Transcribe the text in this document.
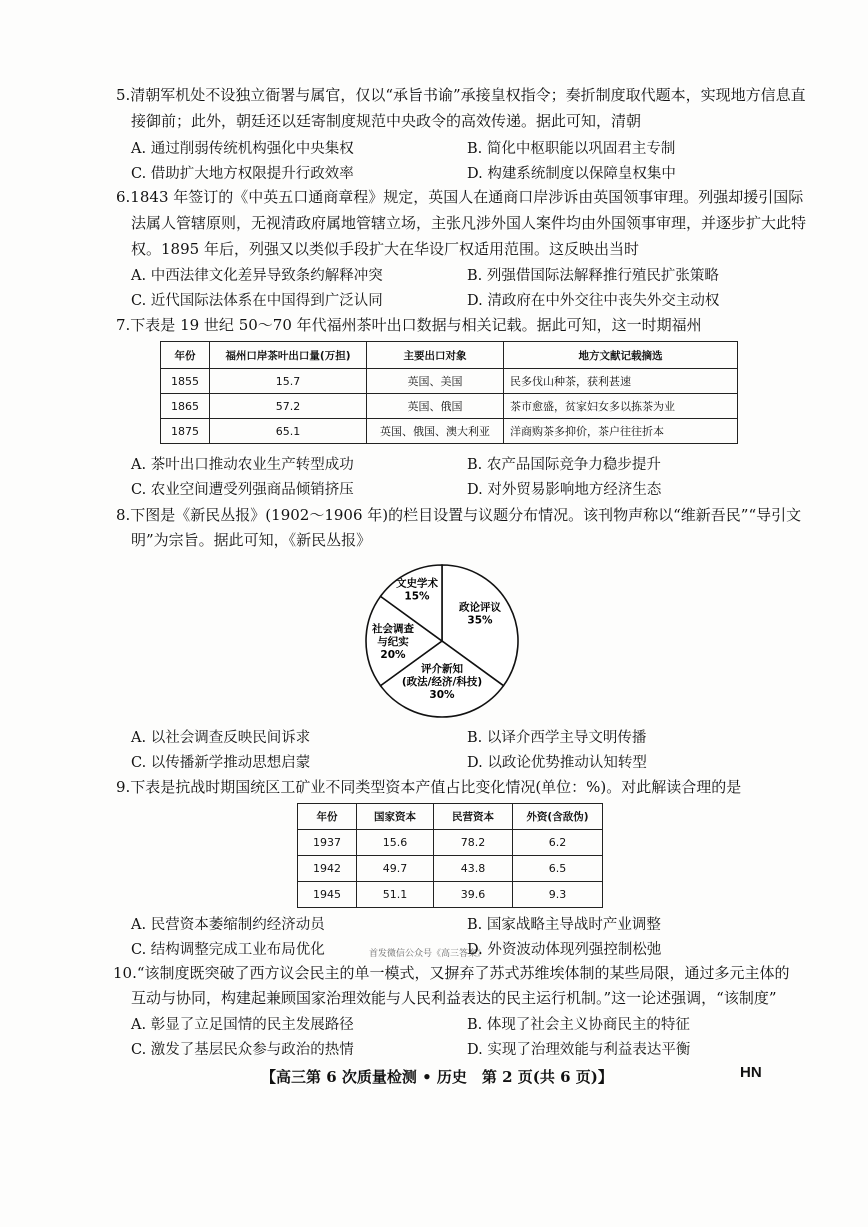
5.清朝军机处不设独立衙署与属官，仅以“承旨书谕”承接皇权指令；奏折制度取代题本，实现地方信息直
接御前；此外，朝廷还以廷寄制度规范中央政令的高效传递。据此可知，清朝
A. 通过削弱传统机构强化中央集权	B. 简化中枢职能以巩固君主专制
C. 借助扩大地方权限提升行政效率	D. 构建系统制度以保障皇权集中
6.1843 年签订的《中英五口通商章程》规定，英国人在通商口岸涉诉由英国领事审理。列强却援引国际
法属人管辖原则，无视清政府属地管辖立场，主张凡涉外国人案件均由外国领事审理，并逐步扩大此特
权。1895 年后，列强又以类似手段扩大在华设厂权适用范围。这反映出当时
A. 中西法律文化差异导致条约解释冲突	B. 列强借国际法解释推行殖民扩张策略
C. 近代国际法体系在中国得到广泛认同	D. 清政府在中外交往中丧失外交主动权
7.下表是 19 世纪 50～70 年代福州茶叶出口数据与相关记载。据此可知，这一时期福州
年份	福州口岸茶叶出口量(万担)	主要出口对象	地方文献记载摘选
1855	15.7	英国、美国	民多伐山种茶，获利甚速
1865	57.2	英国、俄国	茶市愈盛，贫家妇女多以拣茶为业
1875	65.1	英国、俄国、澳大利亚	洋商购茶多抑价，茶户往往折本
A. 茶叶出口推动农业生产转型成功	B. 农产品国际竞争力稳步提升
C. 农业空间遭受列强商品倾销挤压	D. 对外贸易影响地方经济生态
8.下图是《新民丛报》(1902～1906 年)的栏目设置与议题分布情况。该刊物声称以“维新吾民”“导引文
明”为宗旨。据此可知，《新民丛报》
政论评议
35%
评介新知
(政法/经济/科技)
30%
社会调查
与纪实
20%
文史学术
15%
A. 以社会调查反映民间诉求	B. 以译介西学主导文明传播
C. 以传播新学推动思想启蒙	D. 以政论优势推动认知转型
9.下表是抗战时期国统区工矿业不同类型资本产值占比变化情况(单位：%)。对此解读合理的是
年份	国家资本	民营资本	外资(含敌伪)
1937	15.6	78.2	6.2
1942	49.7	43.8	6.5
1945	51.1	39.6	9.3
A. 民营资本萎缩制约经济动员	B. 国家战略主导战时产业调整
C. 结构调整完成工业布局优化	首发微信公众号《高三答案》
D. 外资波动体现列强控制松弛
10.“该制度既突破了西方议会民主的单一模式，又摒弃了苏式苏维埃体制的某些局限，通过多元主体的
互动与协同，构建起兼顾国家治理效能与人民利益表达的民主运行机制。”这一论述强调，“该制度”
A. 彰显了立足国情的民主发展路径	B. 体现了社会主义协商民主的特征
C. 激发了基层民众参与政治的热情	D. 实现了治理效能与利益表达平衡
【高三第 6 次质量检测 • 历史　第 2 页(共 6 页)】	HN
